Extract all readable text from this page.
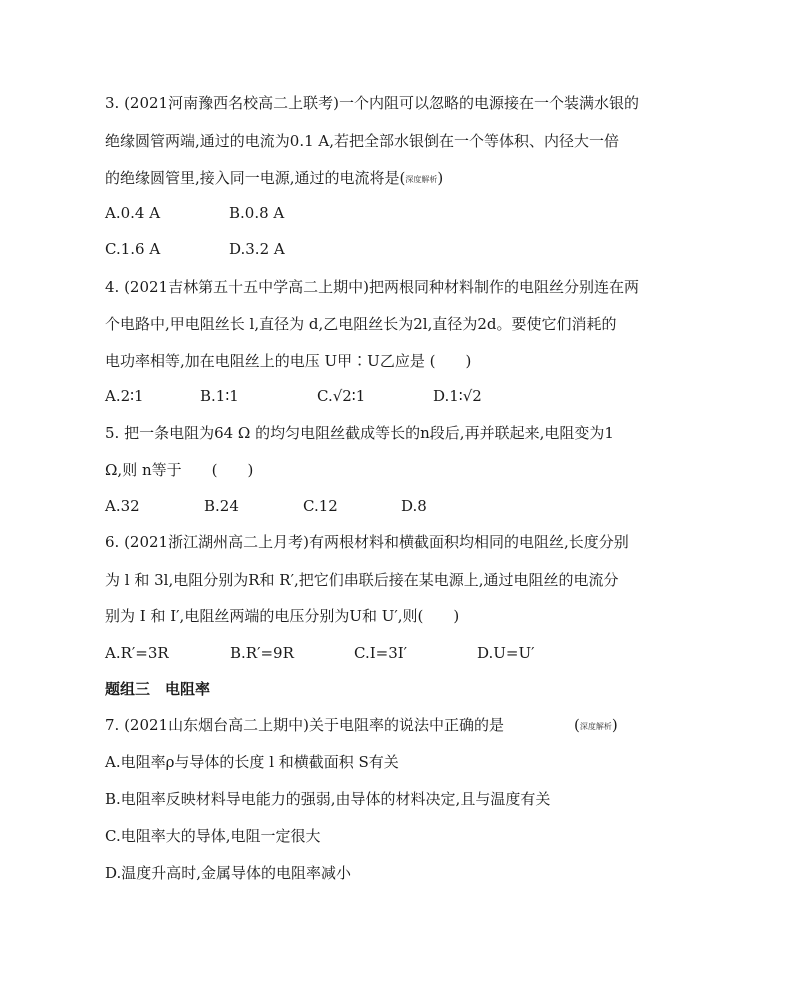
3. (2021河南豫西名校高二上联考)一个内阻可以忽略的电源接在一个装满水银的
绝缘圆管两端,通过的电流为0.1 A,若把全部水银倒在一个等体积、内径大一倍
的绝缘圆管里,接入同一电源,通过的电流将是(深度解析)
A.0.4 A	B.0.8 A
C.1.6 A	D.3.2 A
4. (2021吉林第五十五中学高二上期中)把两根同种材料制作的电阻丝分别连在两
个电路中,甲电阻丝长 l,直径为 d,乙电阻丝长为2l,直径为2d。要使它们消耗的
电功率相等,加在电阻丝上的电压 U甲∶U乙应是 (　　)
A.2∶1	B.1∶1	C.√2∶1	D.1∶√2
5. 把一条电阻为64 Ω 的均匀电阻丝截成等长的n段后,再并联起来,电阻变为1
Ω,则 n等于　　(　　)
A.32	B.24	C.12	D.8
6. (2021浙江湖州高二上月考)有两根材料和横截面积均相同的电阻丝,长度分别
为 l 和 3l,电阻分别为R和 R′,把它们串联后接在某电源上,通过电阻丝的电流分
别为 I 和 I′,电阻丝两端的电压分别为U和 U′,则(　　)
A.R′=3R	B.R′=9R	C.I=3I′	D.U=U′
题组三　电阻率
7. (2021山东烟台高二上期中)关于电阻率的说法中正确的是	(深度解析)
A.电阻率ρ与导体的长度 l 和横截面积 S有关
B.电阻率反映材料导电能力的强弱,由导体的材料决定,且与温度有关
C.电阻率大的导体,电阻一定很大
D.温度升高时,金属导体的电阻率减小
